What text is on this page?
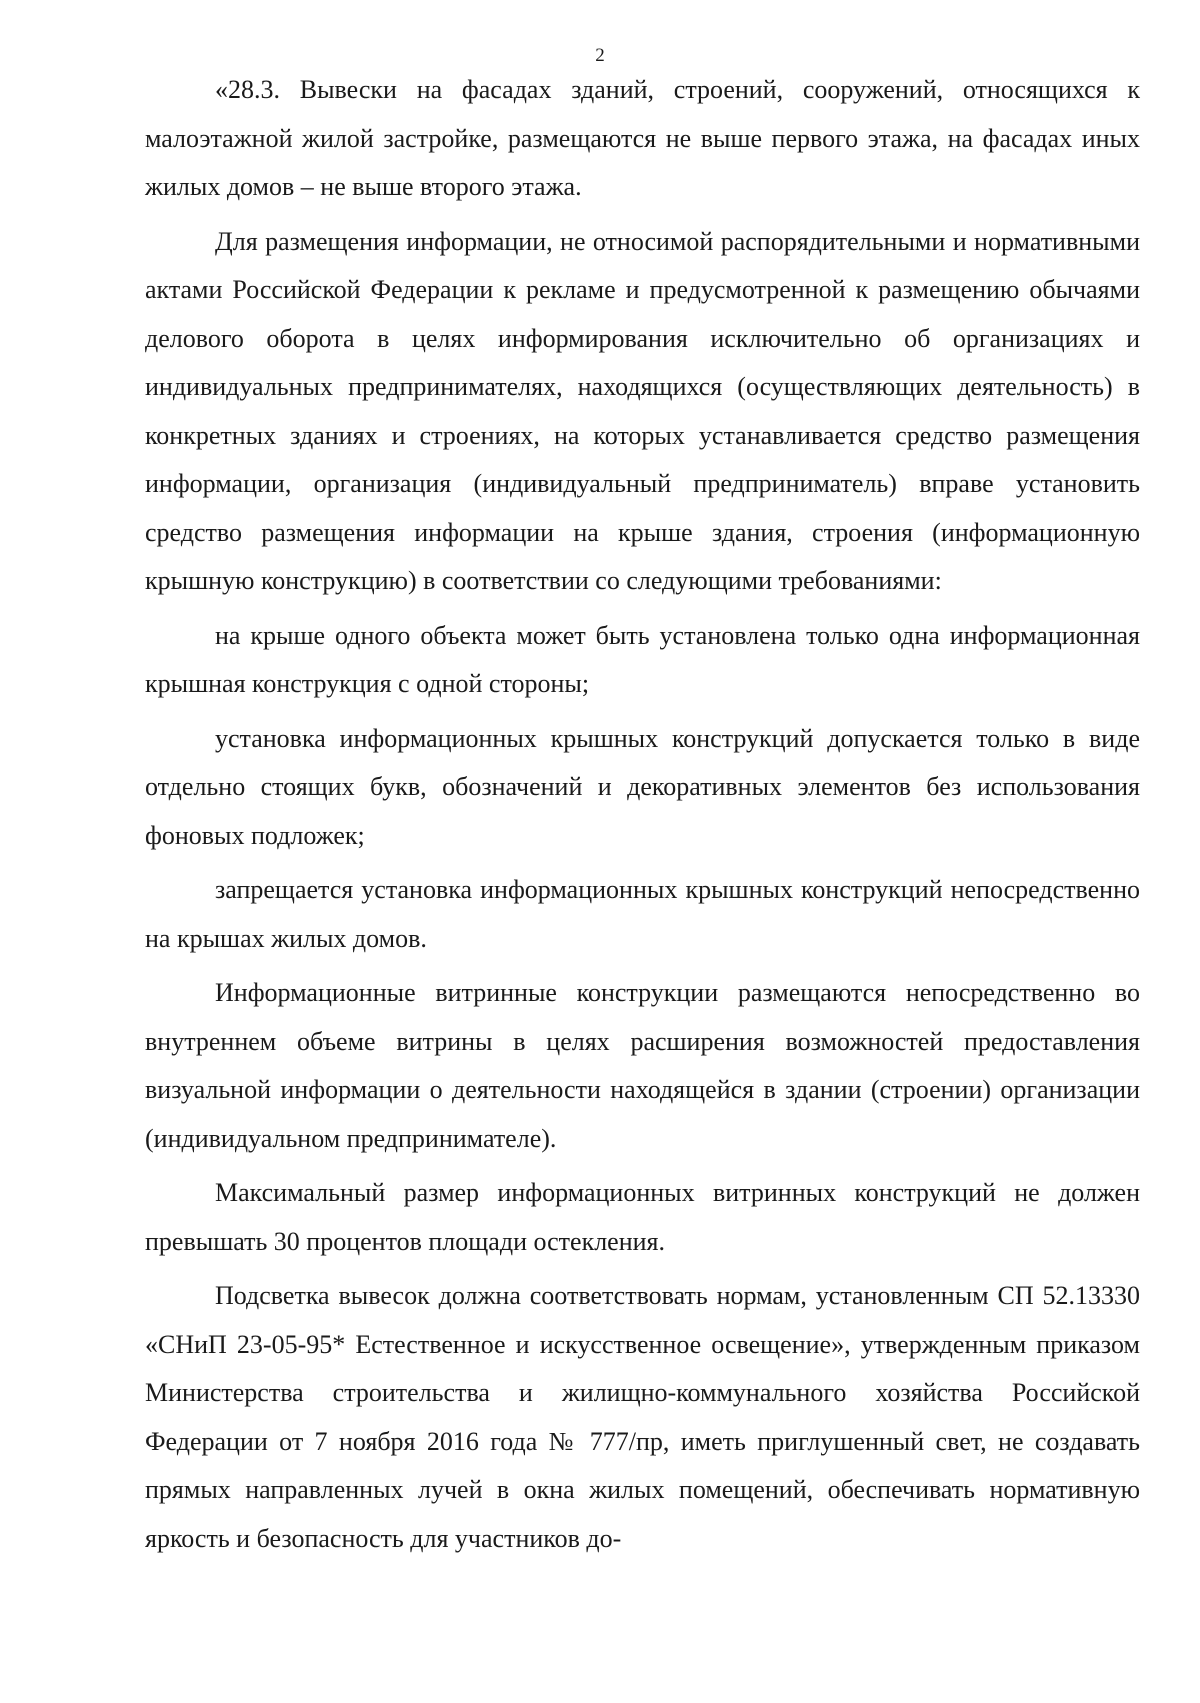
2

«28.3. Вывески на фасадах зданий, строений, сооружений, относящихся к малоэтажной жилой застройке, размещаются не выше первого этажа, на фасадах иных жилых домов – не выше второго этажа.

Для размещения информации, не относимой распорядительными и нормативными актами Российской Федерации к рекламе и предусмотренной к размещению обычаями делового оборота в целях информирования исключительно об организациях и индивидуальных предпринимателях, находящихся (осуществляющих деятельность) в конкретных зданиях и строениях, на которых устанавливается средство размещения информации, организация (индивидуальный предприниматель) вправе установить средство размещения информации на крыше здания, строения (информационную крышную конструкцию) в соответствии со следующими требованиями:

на крыше одного объекта может быть установлена только одна информационная крышная конструкция с одной стороны;

установка информационных крышных конструкций допускается только в виде отдельно стоящих букв, обозначений и декоративных элементов без использования фоновых подложек;

запрещается установка информационных крышных конструкций непосредственно на крышах жилых домов.

Информационные витринные конструкции размещаются непосредственно во внутреннем объеме витрины в целях расширения возможностей предоставления визуальной информации о деятельности находящейся в здании (строении) организации (индивидуальном предпринимателе).

Максимальный размер информационных витринных конструкций не должен превышать 30 процентов площади остекления.

Подсветка вывесок должна соответствовать нормам, установленным СП 52.13330 «СНиП 23-05-95* Естественное и искусственное освещение», утвержденным приказом Министерства строительства и жилищно-коммунального хозяйства Российской Федерации от 7 ноября 2016 года № 777/пр, иметь приглушенный свет, не создавать прямых направленных лучей в окна жилых помещений, обеспечивать нормативную яркость и безопасность для участников до-
